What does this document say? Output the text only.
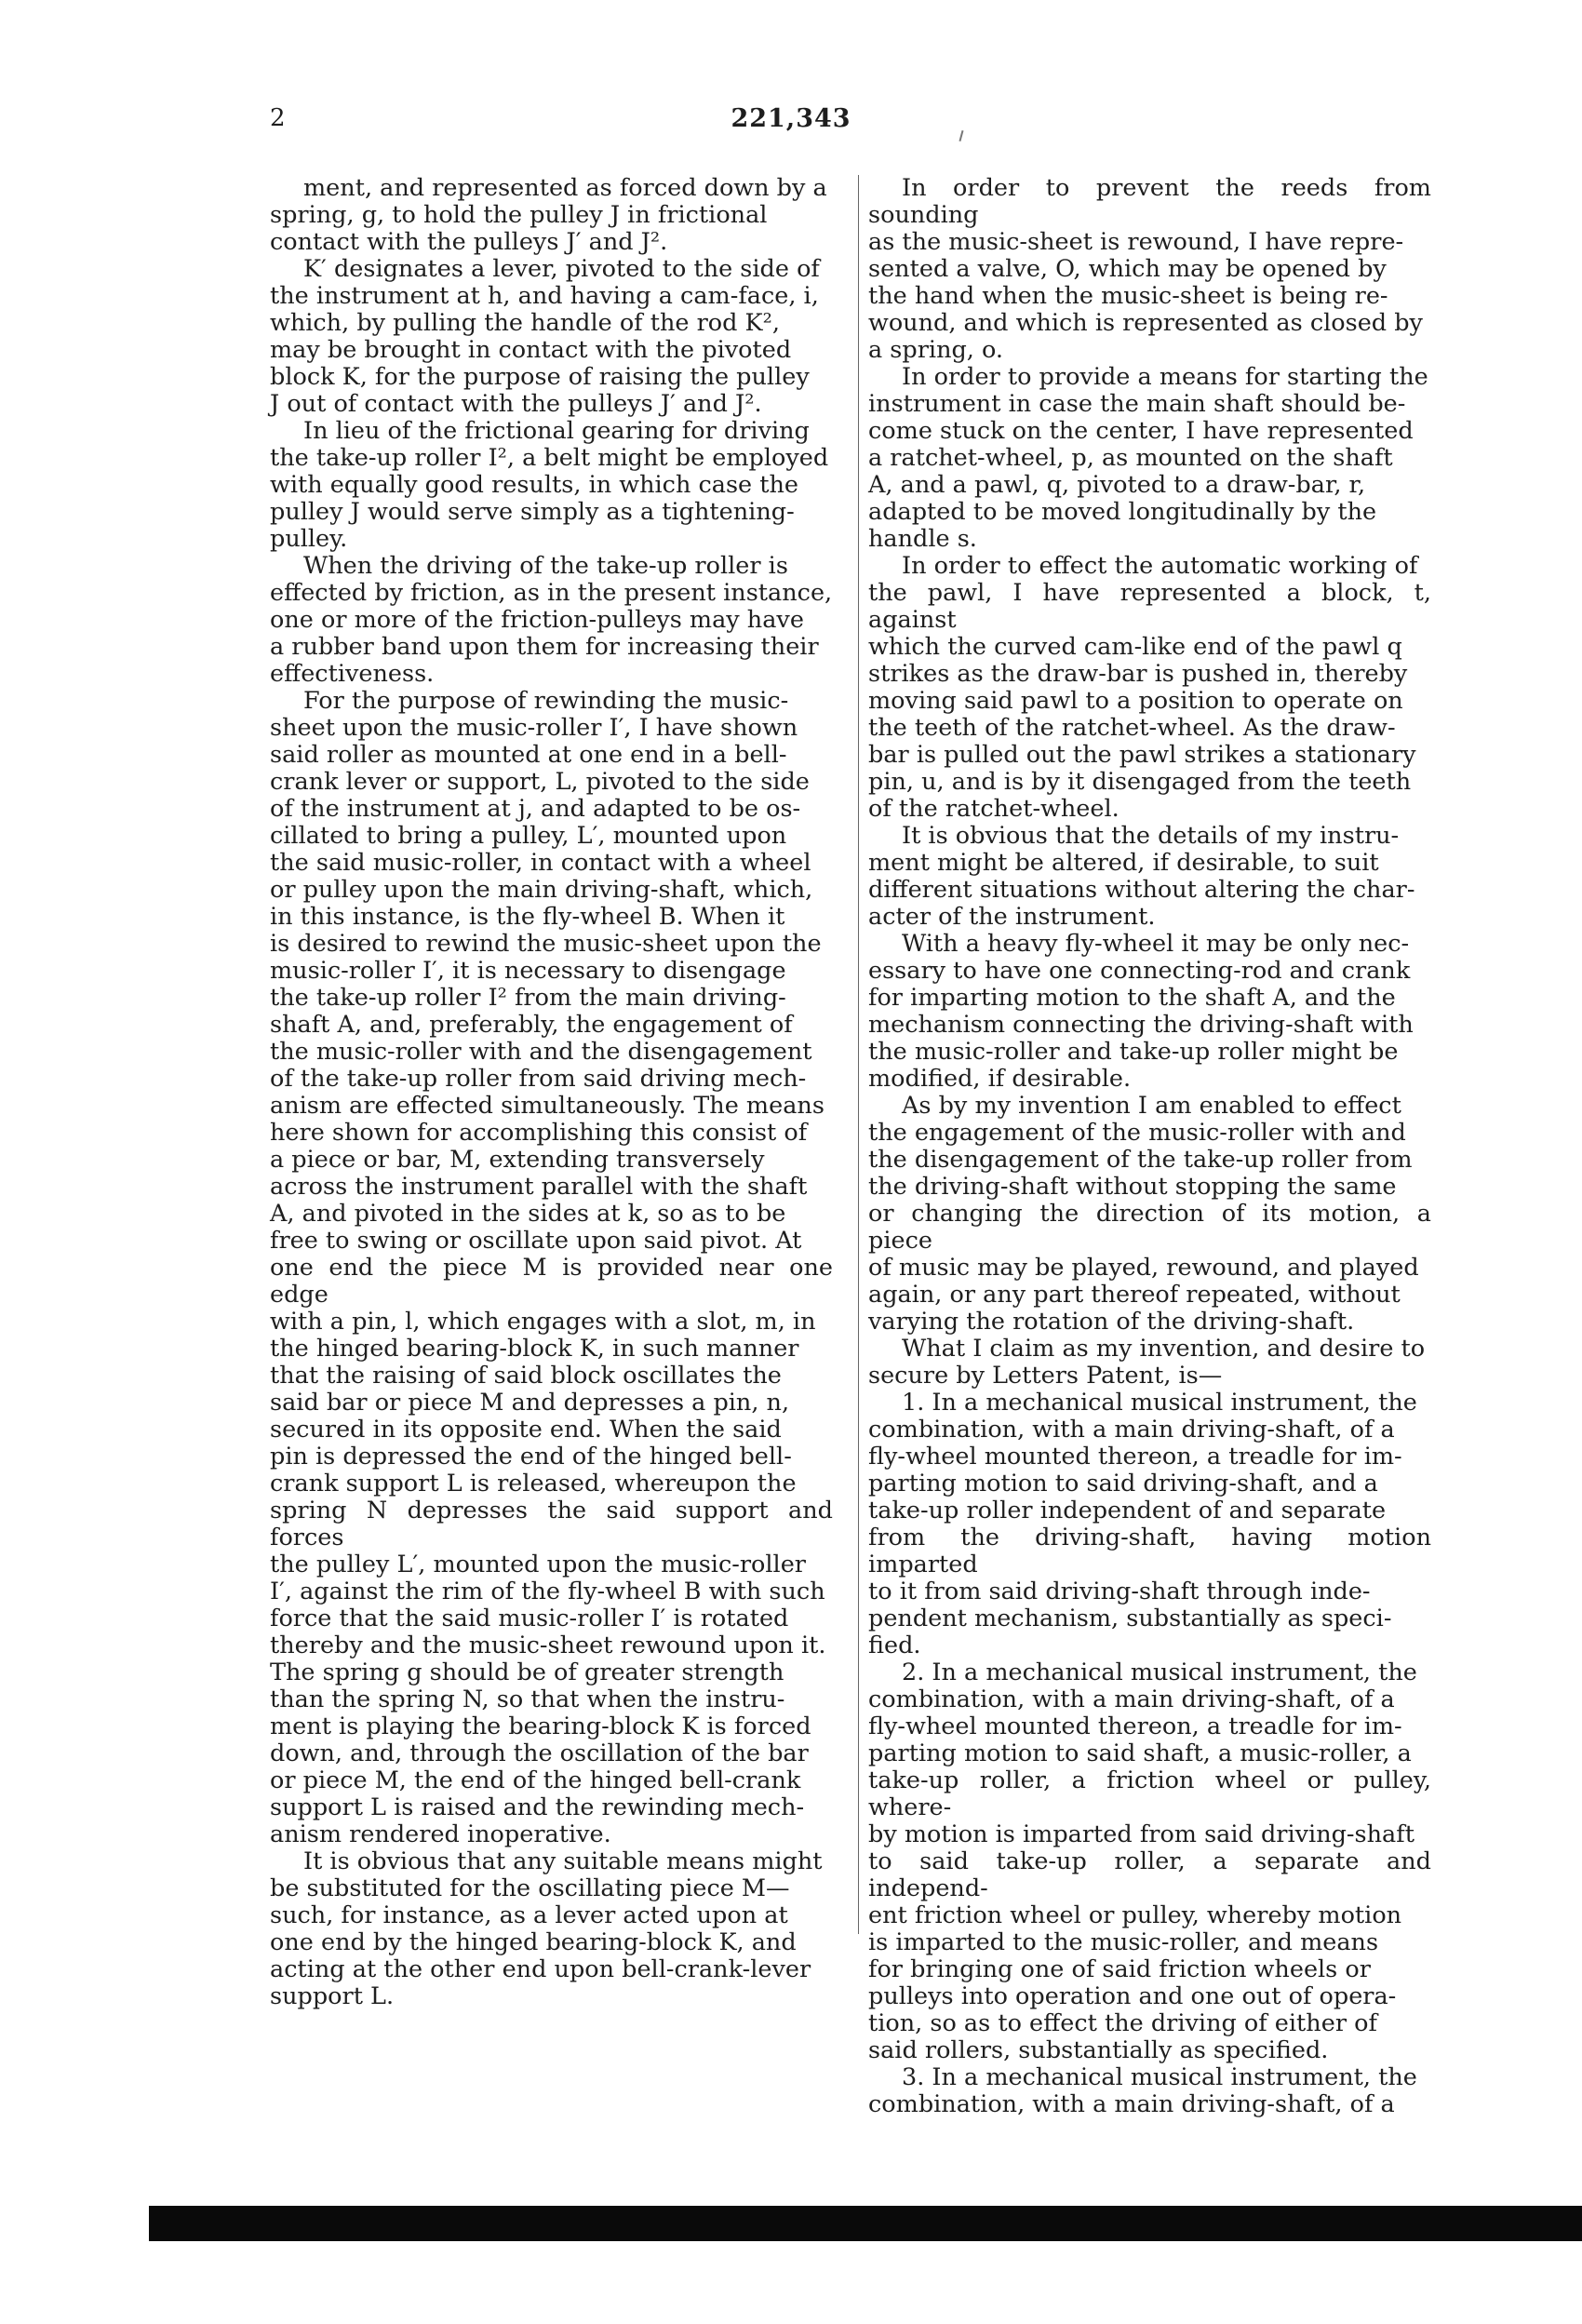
2	221,343

ment, and represented as forced down by a
spring, g, to hold the pulley J in frictional
contact with the pulleys J′ and J².

K′ designates a lever, pivoted to the side of
the instrument at h, and having a cam-face, i,
which, by pulling the handle of the rod K²,
may be brought in contact with the pivoted
block K, for the purpose of raising the pulley
J out of contact with the pulleys J′ and J².

In lieu of the frictional gearing for driving
the take-up roller I², a belt might be employed
with equally good results, in which case the
pulley J would serve simply as a tightening-
pulley.

When the driving of the take-up roller is
effected by friction, as in the present instance,
one or more of the friction-pulleys may have
a rubber band upon them for increasing their
effectiveness.

For the purpose of rewinding the music-
sheet upon the music-roller I′, I have shown
said roller as mounted at one end in a bell-
crank lever or support, L, pivoted to the side
of the instrument at j, and adapted to be os-
cillated to bring a pulley, L′, mounted upon
the said music-roller, in contact with a wheel
or pulley upon the main driving-shaft, which,
in this instance, is the fly-wheel B. When it
is desired to rewind the music-sheet upon the
music-roller I′, it is necessary to disengage
the take-up roller I² from the main driving-
shaft A, and, preferably, the engagement of
the music-roller with and the disengagement
of the take-up roller from said driving mech-
anism are effected simultaneously. The means
here shown for accomplishing this consist of
a piece or bar, M, extending transversely
across the instrument parallel with the shaft
A, and pivoted in the sides at k, so as to be
free to swing or oscillate upon said pivot. At
one end the piece M is provided near one edge
with a pin, l, which engages with a slot, m, in
the hinged bearing-block K, in such manner
that the raising of said block oscillates the
said bar or piece M and depresses a pin, n,
secured in its opposite end. When the said
pin is depressed the end of the hinged bell-
crank support L is released, whereupon the
spring N depresses the said support and forces
the pulley L′, mounted upon the music-roller
I′, against the rim of the fly-wheel B with such
force that the said music-roller I′ is rotated
thereby and the music-sheet rewound upon it.
The spring g should be of greater strength
than the spring N, so that when the instru-
ment is playing the bearing-block K is forced
down, and, through the oscillation of the bar
or piece M, the end of the hinged bell-crank
support L is raised and the rewinding mech-
anism rendered inoperative.

It is obvious that any suitable means might
be substituted for the oscillating piece M—
such, for instance, as a lever acted upon at
one end by the hinged bearing-block K, and
acting at the other end upon bell-crank-lever
support L.

In order to prevent the reeds from sounding
as the music-sheet is rewound, I have repre-
sented a valve, O, which may be opened by
the hand when the music-sheet is being re-
wound, and which is represented as closed by
a spring, o.

In order to provide a means for starting the
instrument in case the main shaft should be-
come stuck on the center, I have represented
a ratchet-wheel, p, as mounted on the shaft
A, and a pawl, q, pivoted to a draw-bar, r,
adapted to be moved longitudinally by the
handle s.

In order to effect the automatic working of
the pawl, I have represented a block, t, against
which the curved cam-like end of the pawl q
strikes as the draw-bar is pushed in, thereby
moving said pawl to a position to operate on
the teeth of the ratchet-wheel. As the draw-
bar is pulled out the pawl strikes a stationary
pin, u, and is by it disengaged from the teeth
of the ratchet-wheel.

It is obvious that the details of my instru-
ment might be altered, if desirable, to suit
different situations without altering the char-
acter of the instrument.

With a heavy fly-wheel it may be only nec-
essary to have one connecting-rod and crank
for imparting motion to the shaft A, and the
mechanism connecting the driving-shaft with
the music-roller and take-up roller might be
modified, if desirable.

As by my invention I am enabled to effect
the engagement of the music-roller with and
the disengagement of the take-up roller from
the driving-shaft without stopping the same
or changing the direction of its motion, a piece
of music may be played, rewound, and played
again, or any part thereof repeated, without
varying the rotation of the driving-shaft.

What I claim as my invention, and desire to
secure by Letters Patent, is—

1. In a mechanical musical instrument, the
combination, with a main driving-shaft, of a
fly-wheel mounted thereon, a treadle for im-
parting motion to said driving-shaft, and a
take-up roller independent of and separate
from the driving-shaft, having motion imparted
to it from said driving-shaft through inde-
pendent mechanism, substantially as speci-
fied.

2. In a mechanical musical instrument, the
combination, with a main driving-shaft, of a
fly-wheel mounted thereon, a treadle for im-
parting motion to said shaft, a music-roller, a
take-up roller, a friction wheel or pulley, where-
by motion is imparted from said driving-shaft
to said take-up roller, a separate and independ-
ent friction wheel or pulley, whereby motion
is imparted to the music-roller, and means
for bringing one of said friction wheels or
pulleys into operation and one out of opera-
tion, so as to effect the driving of either of
said rollers, substantially as specified.

3. In a mechanical musical instrument, the
combination, with a main driving-shaft, of a
